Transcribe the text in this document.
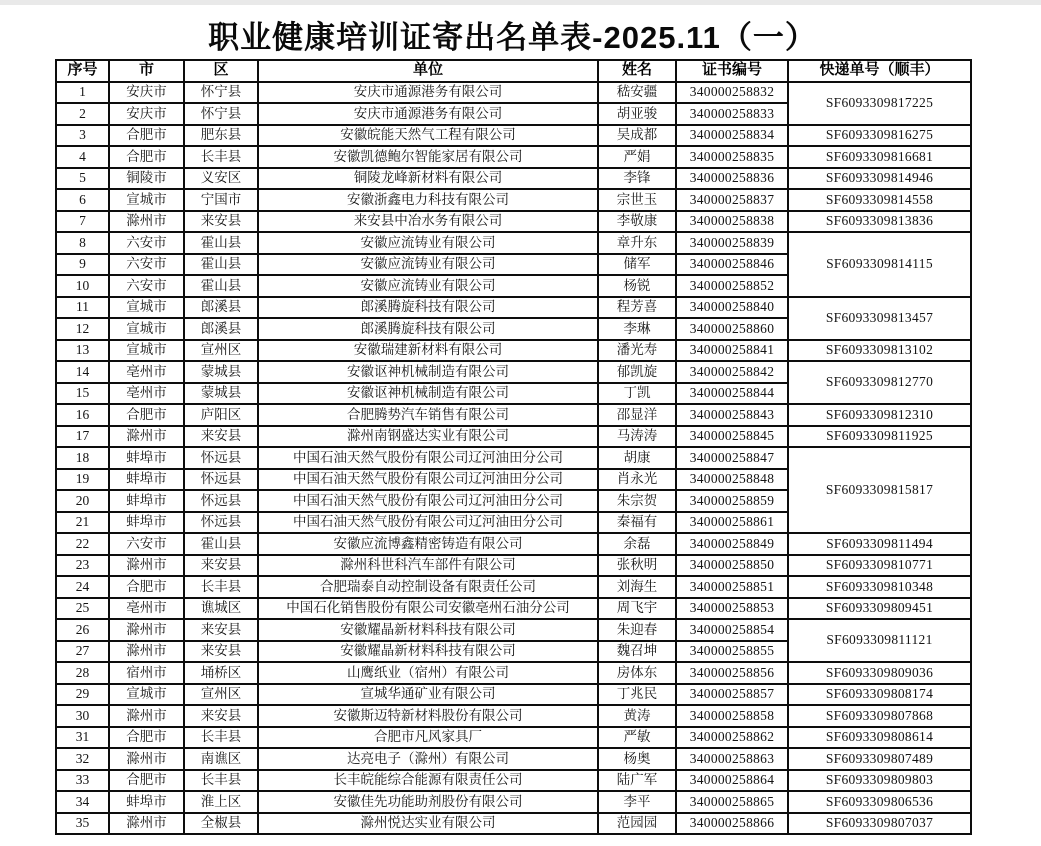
职业健康培训证寄出名单表-2025.11（一）
序号	市	区	单位	姓名	证书编号	快递单号（顺丰）
1	安庆市	怀宁县	安庆市通源港务有限公司	嵇安疆	340000258832	SF6093309817225
2	安庆市	怀宁县	安庆市通源港务有限公司	胡亚骏	340000258833	
3	合肥市	肥东县	安徽皖能天然气工程有限公司	吴成都	340000258834	SF6093309816275
4	合肥市	长丰县	安徽凯德鲍尔智能家居有限公司	严娟	340000258835	SF6093309816681
5	铜陵市	义安区	铜陵龙峰新材料有限公司	李锋	340000258836	SF6093309814946
6	宣城市	宁国市	安徽浙鑫电力科技有限公司	宗世玉	340000258837	SF6093309814558
7	滁州市	来安县	来安县中冶水务有限公司	李敬康	340000258838	SF6093309813836
8	六安市	霍山县	安徽应流铸业有限公司	章升东	340000258839	SF6093309814115
9	六安市	霍山县	安徽应流铸业有限公司	储军	340000258846	
10	六安市	霍山县	安徽应流铸业有限公司	杨锐	340000258852	
11	宣城市	郎溪县	郎溪腾旋科技有限公司	程芳喜	340000258840	SF6093309813457
12	宣城市	郎溪县	郎溪腾旋科技有限公司	李琳	340000258860	
13	宣城市	宣州区	安徽瑞建新材料有限公司	潘光寿	340000258841	SF6093309813102
14	亳州市	蒙城县	安徽讴神机械制造有限公司	郁凯旋	340000258842	SF6093309812770
15	亳州市	蒙城县	安徽讴神机械制造有限公司	丁凯	340000258844	
16	合肥市	庐阳区	合肥腾势汽车销售有限公司	邵显洋	340000258843	SF6093309812310
17	滁州市	来安县	滁州南钢盛达实业有限公司	马涛涛	340000258845	SF6093309811925
18	蚌埠市	怀远县	中国石油天然气股份有限公司辽河油田分公司	胡康	340000258847	SF6093309815817
19	蚌埠市	怀远县	中国石油天然气股份有限公司辽河油田分公司	肖永光	340000258848	
20	蚌埠市	怀远县	中国石油天然气股份有限公司辽河油田分公司	朱宗贺	340000258859	
21	蚌埠市	怀远县	中国石油天然气股份有限公司辽河油田分公司	秦福有	340000258861	
22	六安市	霍山县	安徽应流博鑫精密铸造有限公司	余磊	340000258849	SF6093309811494
23	滁州市	来安县	滁州科世科汽车部件有限公司	张秋明	340000258850	SF6093309810771
24	合肥市	长丰县	合肥瑞泰自动控制设备有限责任公司	刘海生	340000258851	SF6093309810348
25	亳州市	谯城区	中国石化销售股份有限公司安徽亳州石油分公司	周飞宇	340000258853	SF6093309809451
26	滁州市	来安县	安徽耀晶新材料科技有限公司	朱迎春	340000258854	SF6093309811121
27	滁州市	来安县	安徽耀晶新材料科技有限公司	魏召坤	340000258855	
28	宿州市	埇桥区	山鹰纸业（宿州）有限公司	房体东	340000258856	SF6093309809036
29	宣城市	宣州区	宣城华通矿业有限公司	丁兆民	340000258857	SF6093309808174
30	滁州市	来安县	安徽斯迈特新材料股份有限公司	黄涛	340000258858	SF6093309807868
31	合肥市	长丰县	合肥市凡风家具厂	严敏	340000258862	SF6093309808614
32	滁州市	南谯区	达亮电子（滁州）有限公司	杨奥	340000258863	SF6093309807489
33	合肥市	长丰县	长丰皖能综合能源有限责任公司	陆广军	340000258864	SF6093309809803
34	蚌埠市	淮上区	安徽佳先功能助剂股份有限公司	李平	340000258865	SF6093309806536
35	滁州市	全椒县	滁州悦达实业有限公司	范园园	340000258866	SF6093309807037
